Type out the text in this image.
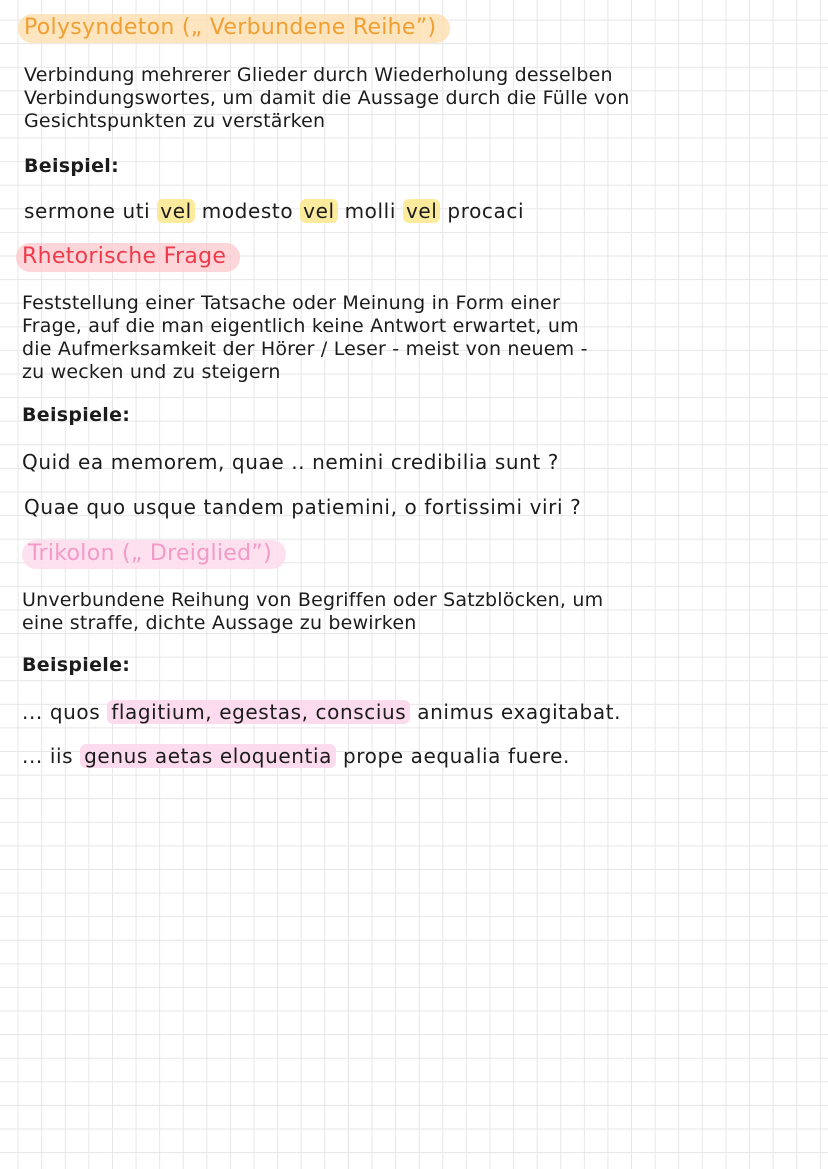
Polysyndeton („ Verbundene Reihe”)
Verbindung mehrerer Glieder durch Wiederholung desselben
Verbindungswortes, um damit die Aussage durch die Fülle von
Gesichtspunkten zu verstärken
Beispiel:
sermone uti vel modesto vel molli vel procaci
Rhetorische Frage
Feststellung einer Tatsache oder Meinung in Form einer
Frage, auf die man eigentlich keine Antwort erwartet, um
die Aufmerksamkeit der Hörer / Leser - meist von neuem -
zu wecken und zu steigern
Beispiele:
Quid ea memorem, quae .. nemini credibilia sunt ?
Quae quo usque tandem patiemini, o fortissimi viri ?
Trikolon („ Dreiglied”)
Unverbundene Reihung von Begriffen oder Satzblöcken, um
eine straffe, dichte Aussage zu bewirken
Beispiele:
... quos flagitium, egestas, conscius animus exagitabat.
... iis genus aetas eloquentia prope aequalia fuere.
